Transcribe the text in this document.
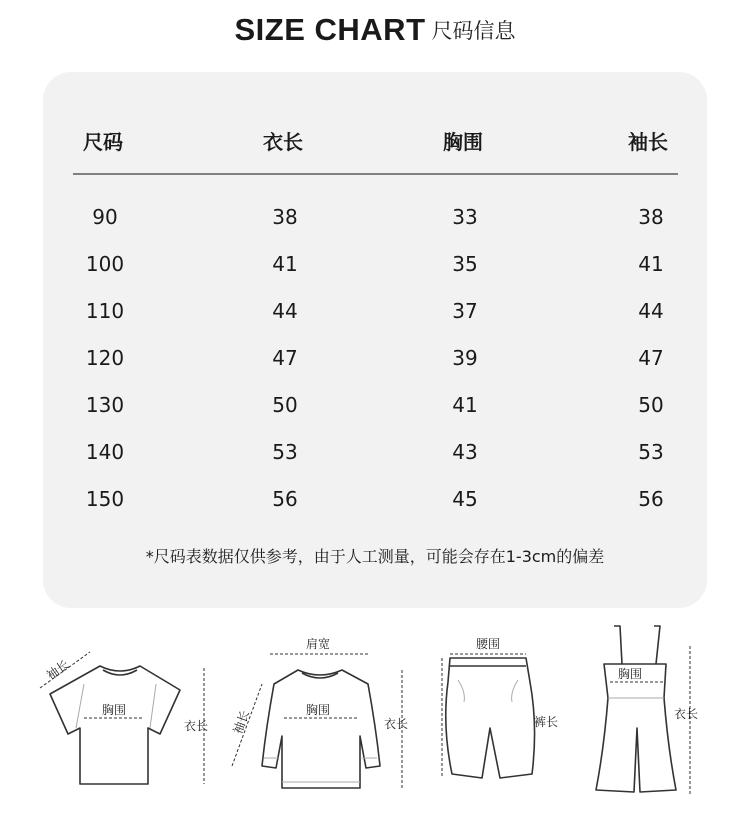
SIZE CHART 尺码信息
尺码	衣长	胸围	袖长
90	38	33	38
100	41	35	41
110	44	37	44
120	47	39	47
130	50	41	50
140	53	43	53
150	56	45	56
*尺码表数据仅供参考，由于人工测量，可能会存在1-3cm的偏差
袖长
胸围
衣长
肩宽
袖长	胸围
衣长
腰围
裤长
胸围
衣长
